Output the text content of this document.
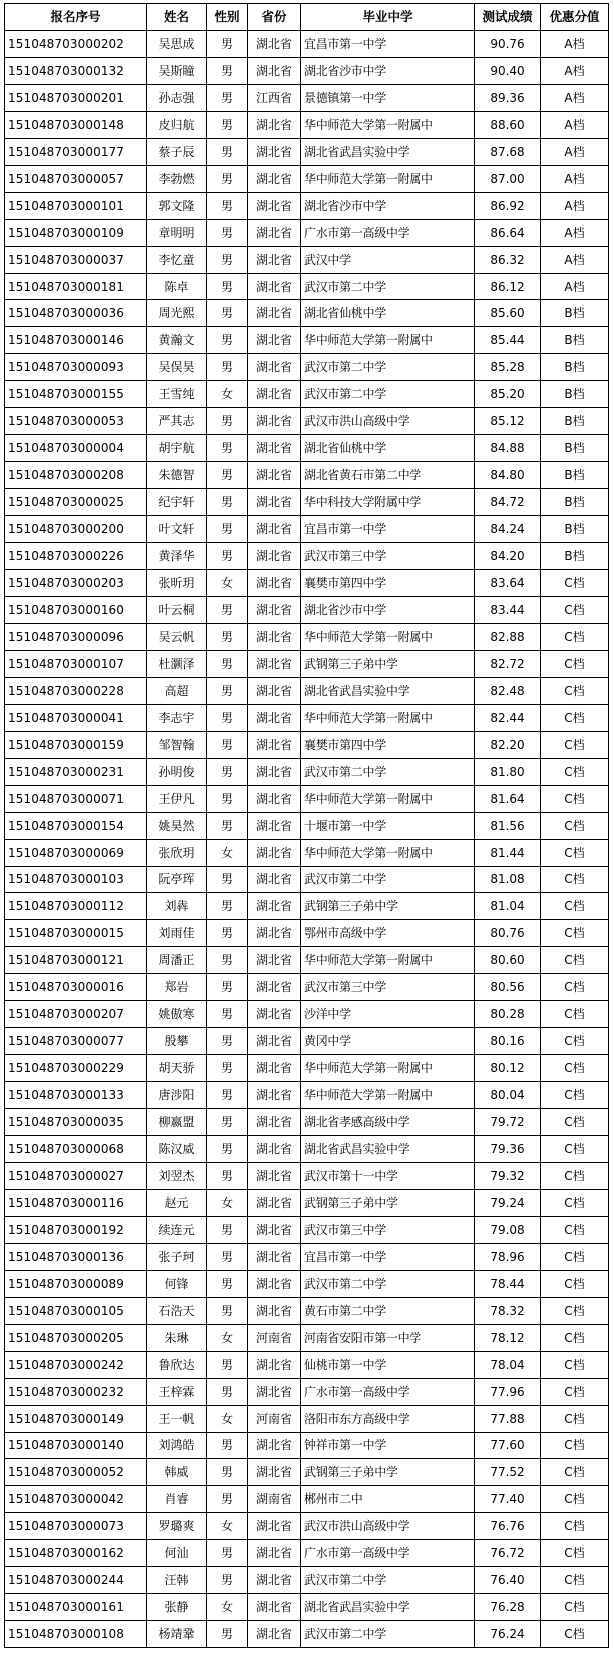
报名序号	姓名	性别	省份	毕业中学	测试成绩	优惠分值
151048703000202	吴思成	男	湖北省	宜昌市第一中学	90.76	A档
151048703000132	吴斯瞳	男	湖北省	湖北省沙市中学	90.40	A档
151048703000201	孙志强	男	江西省	景德镇第一中学	89.36	A档
151048703000148	皮归航	男	湖北省	华中师范大学第一附属中	88.60	A档
151048703000177	蔡子辰	男	湖北省	湖北省武昌实验中学	87.68	A档
151048703000057	李勃燃	男	湖北省	华中师范大学第一附属中	87.00	A档
151048703000101	郭文隆	男	湖北省	湖北省沙市中学	86.92	A档
151048703000109	章明明	男	湖北省	广水市第一高级中学	86.64	A档
151048703000037	李忆童	男	湖北省	武汉中学	86.32	A档
151048703000181	陈卓	男	湖北省	武汉市第二中学	86.12	A档
151048703000036	周光熙	男	湖北省	湖北省仙桃中学	85.60	B档
151048703000146	黄瀚文	男	湖北省	华中师范大学第一附属中	85.44	B档
151048703000093	吴俣昊	男	湖北省	武汉市第二中学	85.28	B档
151048703000155	王雪纯	女	湖北省	武汉市第二中学	85.20	B档
151048703000053	严其志	男	湖北省	武汉市洪山高级中学	85.12	B档
151048703000004	胡宇航	男	湖北省	湖北省仙桃中学	84.88	B档
151048703000208	朱德智	男	湖北省	湖北省黄石市第二中学	84.80	B档
151048703000025	纪宇轩	男	湖北省	华中科技大学附属中学	84.72	B档
151048703000200	叶文轩	男	湖北省	宜昌市第一中学	84.24	B档
151048703000226	黄泽华	男	湖北省	武汉市第三中学	84.20	B档
151048703000203	张昕玥	女	湖北省	襄樊市第四中学	83.64	C档
151048703000160	叶云桐	男	湖北省	湖北省沙市中学	83.44	C档
151048703000096	吴云帆	男	湖北省	华中师范大学第一附属中	82.88	C档
151048703000107	杜灏泽	男	湖北省	武钢第三子弟中学	82.72	C档
151048703000228	高超	男	湖北省	湖北省武昌实验中学	82.48	C档
151048703000041	李志宇	男	湖北省	华中师范大学第一附属中	82.44	C档
151048703000159	邹智翰	男	湖北省	襄樊市第四中学	82.20	C档
151048703000231	孙明俊	男	湖北省	武汉市第二中学	81.80	C档
151048703000071	王伊凡	男	湖北省	华中师范大学第一附属中	81.64	C档
151048703000154	姚昊然	男	湖北省	十堰市第一中学	81.56	C档
151048703000069	张欣玥	女	湖北省	华中师范大学第一附属中	81.44	C档
151048703000103	阮亭珲	男	湖北省	武汉市第二中学	81.08	C档
151048703000112	刘犇	男	湖北省	武钢第三子弟中学	81.04	C档
151048703000015	刘雨佳	男	湖北省	鄂州市高级中学	80.76	C档
151048703000121	周潘正	男	湖北省	华中师范大学第一附属中	80.60	C档
151048703000016	郑岩	男	湖北省	武汉市第三中学	80.56	C档
151048703000207	姚傲寒	男	湖北省	沙洋中学	80.28	C档
151048703000077	殷攀	男	湖北省	黄冈中学	80.16	C档
151048703000229	胡天骄	男	湖北省	华中师范大学第一附属中	80.12	C档
151048703000133	唐涉阳	男	湖北省	华中师范大学第一附属中	80.04	C档
151048703000035	柳嬴盟	男	湖北省	湖北省孝感高级中学	79.72	C档
151048703000068	陈汉威	男	湖北省	湖北省武昌实验中学	79.36	C档
151048703000027	刘翌杰	男	湖北省	武汉市第十一中学	79.32	C档
151048703000116	赵元	女	湖北省	武钢第三子弟中学	79.24	C档
151048703000192	续连元	男	湖北省	武汉市第三中学	79.08	C档
151048703000136	张子珂	男	湖北省	宜昌市第一中学	78.96	C档
151048703000089	何锋	男	湖北省	武汉市第二中学	78.44	C档
151048703000105	石浩天	男	湖北省	黄石市第二中学	78.32	C档
151048703000205	朱琳	女	河南省	河南省安阳市第一中学	78.12	C档
151048703000242	鲁欣达	男	湖北省	仙桃市第一中学	78.04	C档
151048703000232	王梓霖	男	湖北省	广水市第一高级中学	77.96	C档
151048703000149	王一帆	女	河南省	洛阳市东方高级中学	77.88	C档
151048703000140	刘鸿皓	男	湖北省	钟祥市第一中学	77.60	C档
151048703000052	韩威	男	湖北省	武钢第三子弟中学	77.52	C档
151048703000042	肖睿	男	湖南省	郴州市二中	77.40	C档
151048703000073	罗璐爽	女	湖北省	武汉市洪山高级中学	76.76	C档
151048703000162	何汕	男	湖北省	广水市第一高级中学	76.72	C档
151048703000244	汪韩	男	湖北省	武汉市第二中学	76.40	C档
151048703000161	张静	女	湖北省	湖北省武昌实验中学	76.28	C档
151048703000108	杨靖鞏	男	湖北省	武汉市第二中学	76.24	C档
